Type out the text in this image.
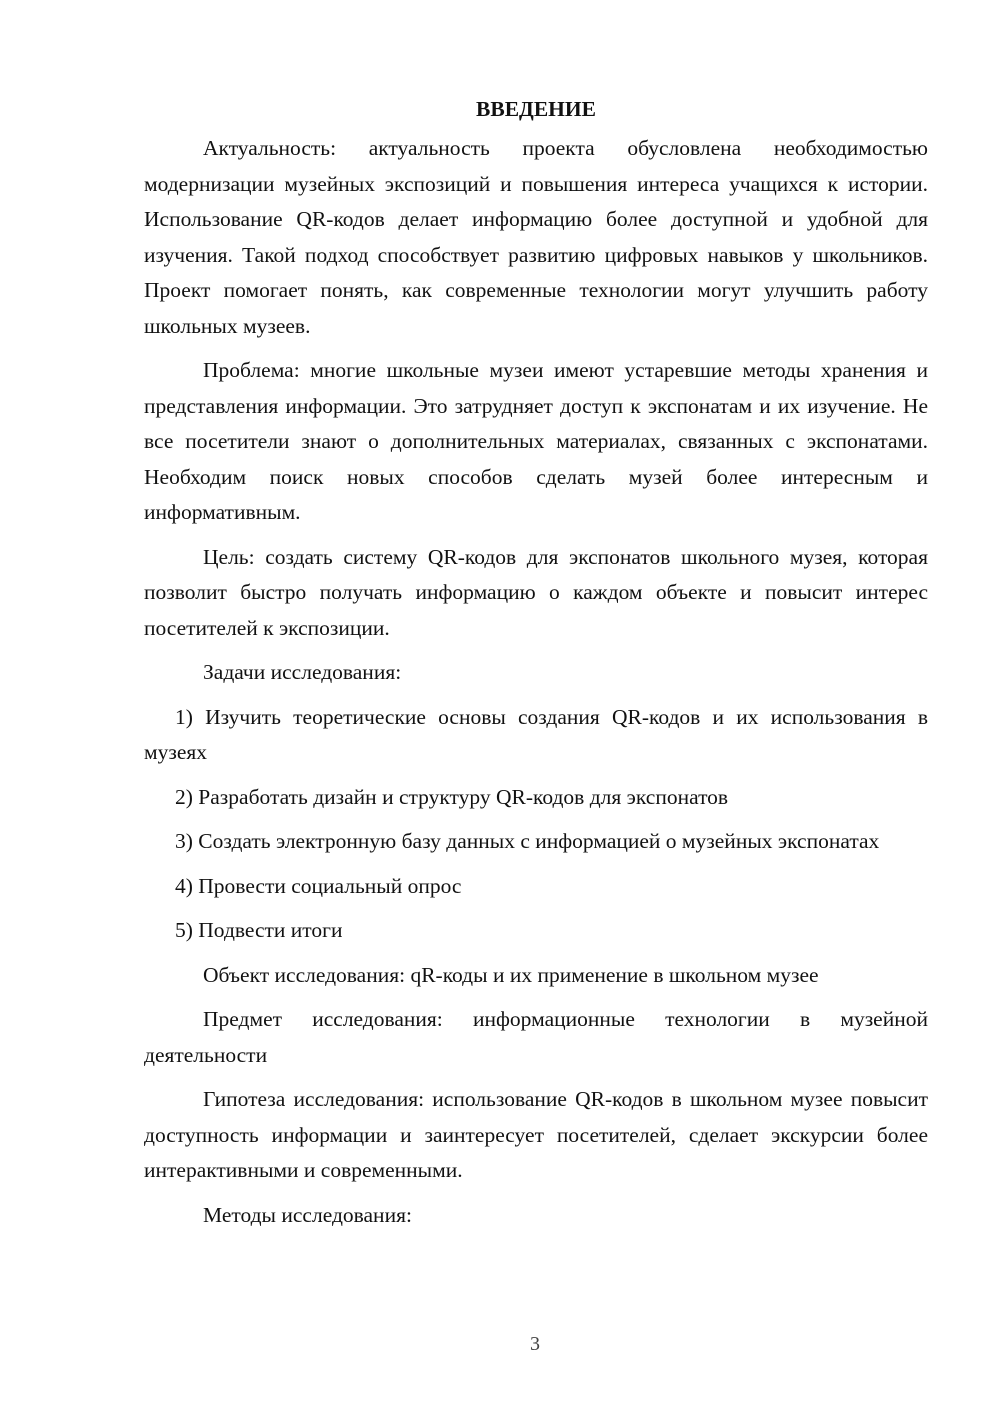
ВВЕДЕНИЕ

Актуальность: актуальность проекта обусловлена необходимостью модернизации музейных экспозиций и повышения интереса учащихся к истории. Использование QR-кодов делает информацию более доступной и удобной для изучения. Такой подход способствует развитию цифровых навыков у школьников. Проект помогает понять, как современные технологии могут улучшить работу школьных музеев.

Проблема: многие школьные музеи имеют устаревшие методы хранения и представления информации. Это затрудняет доступ к экспонатам и их изучение. Не все посетители знают о дополнительных материалах, связанных с экспонатами. Необходим поиск новых способов сделать музей более интересным и информативным.

Цель: создать систему QR-кодов для экспонатов школьного музея, которая позволит быстро получать информацию о каждом объекте и повысит интерес посетителей к экспозиции.

Задачи исследования:

1) Изучить теоретические основы создания QR-кодов и их использования в музеях

2) Разработать дизайн и структуру QR-кодов для экспонатов

3) Создать электронную базу данных с информацией о музейных экспонатах

4) Провести социальный опрос

5) Подвести итоги

Объект исследования: qR-коды и их применение в школьном музее

Предмет исследования: информационные технологии в музейной деятельности

Гипотеза исследования: использование QR-кодов в школьном музее повысит доступность информации и заинтересует посетителей, сделает экскурсии более интерактивными и современными.

Методы исследования:

3
